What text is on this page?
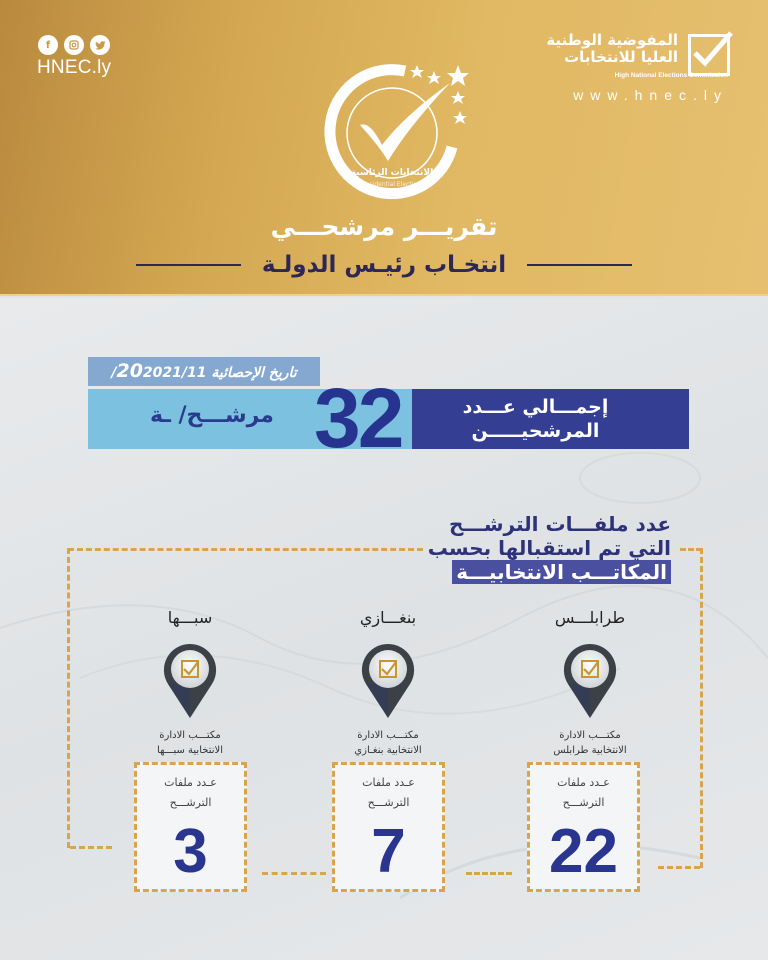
f
HNEC.ly
المفوضية الوطنية
العليا للانتخابات
High National Elections Commission
www.hnec.ly
الانتخابات الرئاسية
Presidential Elections
تقريـــر مرشحـــي
انتخـاب رئيـس الدولـة
تاريخ الإحصائية 202021/11/
مرشـــح/ ـة	إجمـــالي عـــدد
المرشحيـــــن
32
عدد ملفـــات الترشـــح
التي تم استقبالها بحسب
المكاتـــب الانتخابيـــة
طرابلـــس
مكتـــب الادارة
الانتخابية طرابلس
بنغـــازي
مكتـــب الادارة
الانتخابية بنغـازي
سبـــها
مكتـــب الادارة
الانتخابية سبـــها
عـدد ملفات
الترشـــح
22
عـدد ملفات
الترشـــح
7
عـدد ملفات
الترشـــح
3
